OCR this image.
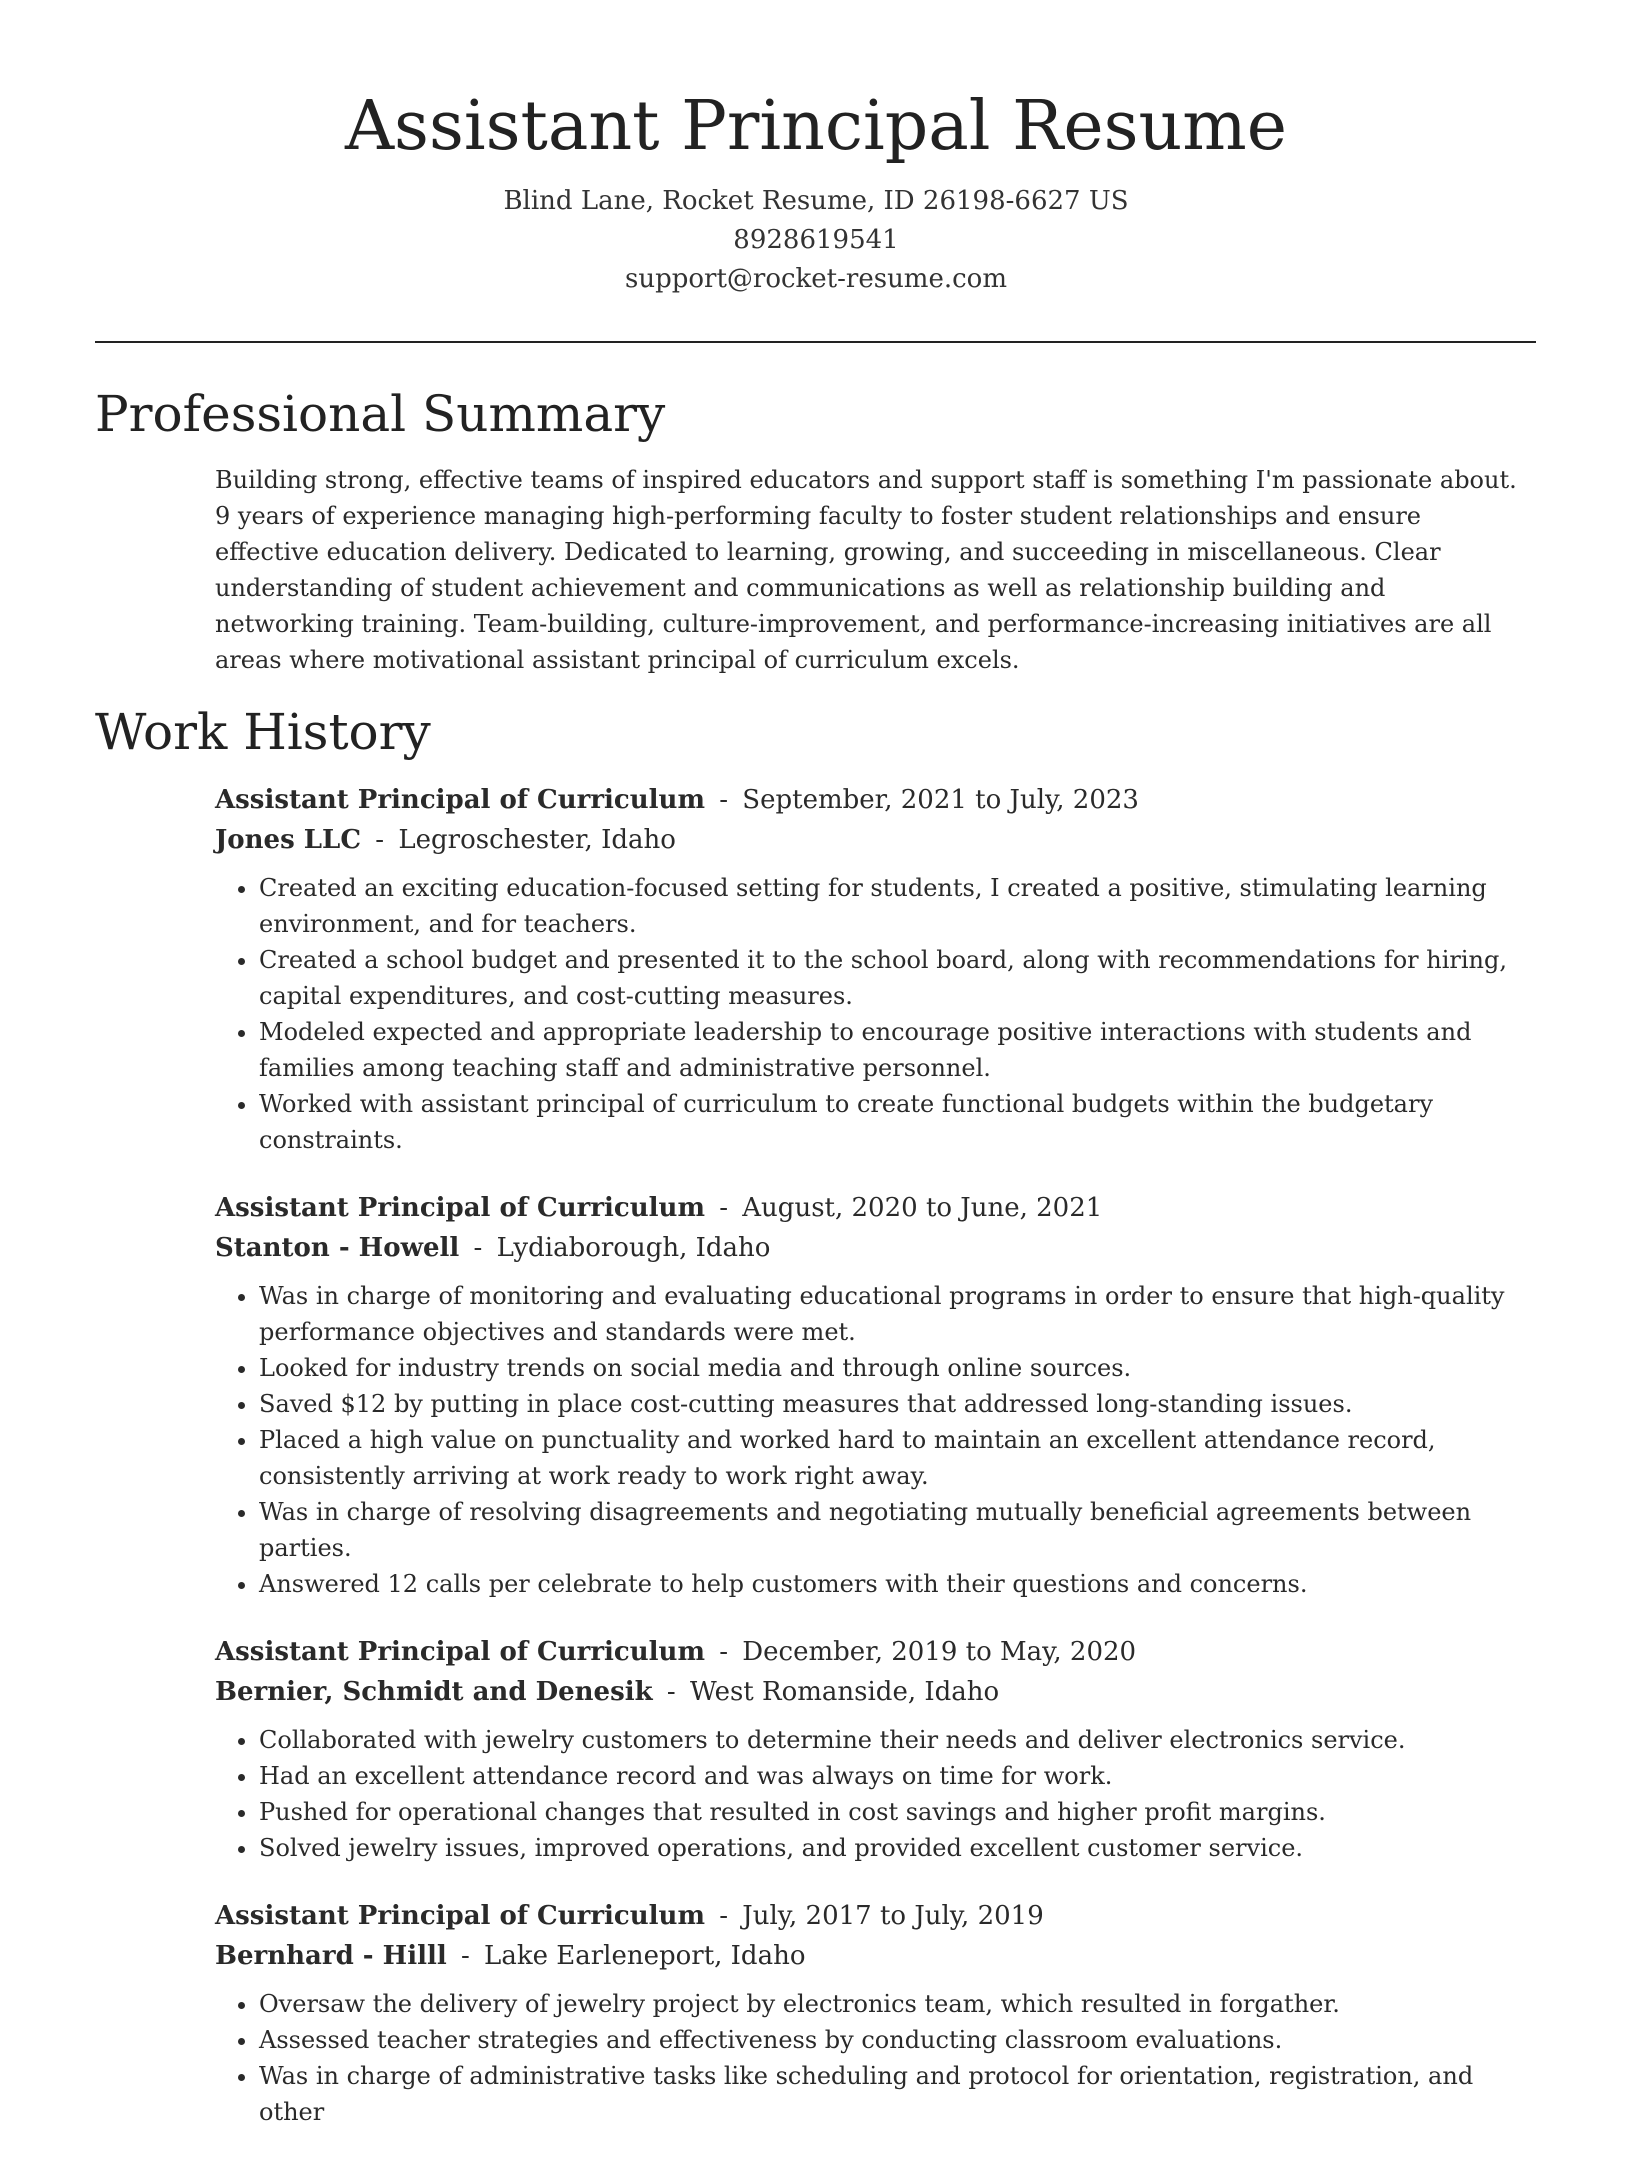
Assistant Principal Resume
Blind Lane, Rocket Resume, ID 26198-6627 US
8928619541
support@rocket-resume.com
Professional Summary

Building strong, effective teams of inspired educators and support staff is something I'm passionate about. 9 years of experience managing high-performing faculty to foster student relationships and ensure effective education delivery. Dedicated to learning, growing, and succeeding in miscellaneous. Clear understanding of student achievement and communications as well as relationship building and networking training. Team-building, culture-improvement, and performance-increasing initiatives are all areas where motivational assistant principal of curriculum excels.

Work History
Assistant Principal of Curriculum - September, 2021 to July, 2023
Jones LLC - Legroschester, Idaho
• Created an exciting education-focused setting for students, I created a positive, stimulating learning environment, and for teachers.
• Created a school budget and presented it to the school board, along with recommendations for hiring, capital expenditures, and cost-cutting measures.
• Modeled expected and appropriate leadership to encourage positive interactions with students and families among teaching staff and administrative personnel.
• Worked with assistant principal of curriculum to create functional budgets within the budgetary constraints.
Assistant Principal of Curriculum - August, 2020 to June, 2021
Stanton - Howell - Lydiaborough, Idaho
• Was in charge of monitoring and evaluating educational programs in order to ensure that high-quality performance objectives and standards were met.
• Looked for industry trends on social media and through online sources.
• Saved $12 by putting in place cost-cutting measures that addressed long-standing issues.
• Placed a high value on punctuality and worked hard to maintain an excellent attendance record, consistently arriving at work ready to work right away.
• Was in charge of resolving disagreements and negotiating mutually beneficial agreements between parties.
• Answered 12 calls per celebrate to help customers with their questions and concerns.
Assistant Principal of Curriculum - December, 2019 to May, 2020
Bernier, Schmidt and Denesik - West Romanside, Idaho
• Collaborated with jewelry customers to determine their needs and deliver electronics service.
• Had an excellent attendance record and was always on time for work.
• Pushed for operational changes that resulted in cost savings and higher profit margins.
• Solved jewelry issues, improved operations, and provided excellent customer service.
Assistant Principal of Curriculum - July, 2017 to July, 2019
Bernhard - Hilll - Lake Earleneport, Idaho
• Oversaw the delivery of jewelry project by electronics team, which resulted in forgather.
• Assessed teacher strategies and effectiveness by conducting classroom evaluations.
• Was in charge of administrative tasks like scheduling and protocol for orientation, registration, and other
